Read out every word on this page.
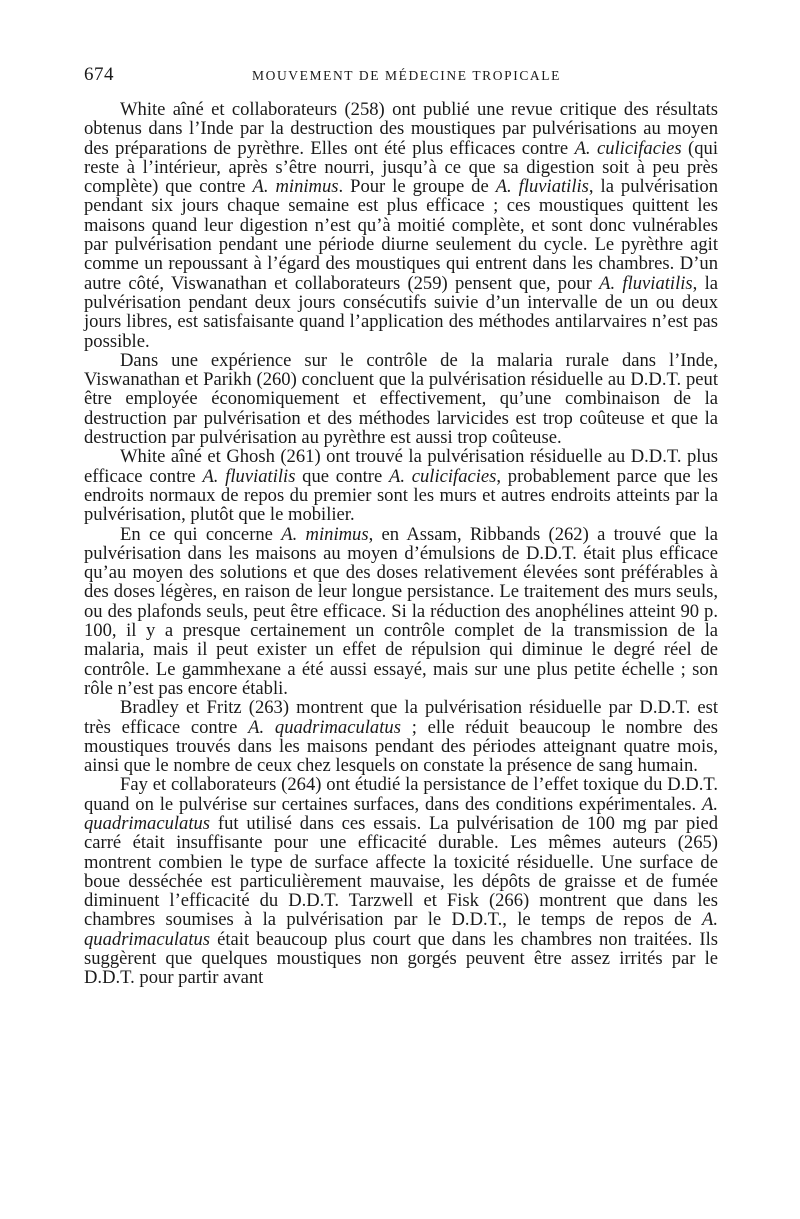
674	MOUVEMENT DE MÉDECINE TROPICALE

White aîné et collaborateurs (258) ont publié une revue critique des résultats obtenus dans l’Inde par la destruction des moustiques par pulvérisations au moyen des préparations de pyrèthre. Elles ont été plus efficaces contre A. culicifacies (qui reste à l’intérieur, après s’être nourri, jusqu’à ce que sa digestion soit à peu près complète) que contre A. minimus. Pour le groupe de A. fluviatilis, la pulvérisation pendant six jours chaque semaine est plus efficace ; ces moustiques quittent les maisons quand leur digestion n’est qu’à moitié complète, et sont donc vulnérables par pulvérisation pendant une période diurne seulement du cycle. Le pyrèthre agit comme un repoussant à l’égard des moustiques qui entrent dans les chambres. D’un autre côté, Viswanathan et collaborateurs (259) pensent que, pour A. fluviatilis, la pulvérisation pendant deux jours consécutifs suivie d’un intervalle de un ou deux jours libres, est satisfaisante quand l’application des méthodes antilarvaires n’est pas possible.

Dans une expérience sur le contrôle de la malaria rurale dans l’Inde, Viswanathan et Parikh (260) concluent que la pulvérisation résiduelle au D.D.T. peut être employée économiquement et effectivement, qu’une combinaison de la destruction par pulvérisation et des méthodes larvicides est trop coûteuse et que la destruction par pulvérisation au pyrèthre est aussi trop coûteuse.

White aîné et Ghosh (261) ont trouvé la pulvérisation résiduelle au D.D.T. plus efficace contre A. fluviatilis que contre A. culicifacies, probablement parce que les endroits normaux de repos du premier sont les murs et autres endroits atteints par la pulvérisation, plutôt que le mobilier.

En ce qui concerne A. minimus, en Assam, Ribbands (262) a trouvé que la pulvérisation dans les maisons au moyen d’émulsions de D.D.T. était plus efficace qu’au moyen des solutions et que des doses relativement élevées sont préférables à des doses légères, en raison de leur longue persistance. Le traitement des murs seuls, ou des plafonds seuls, peut être efficace. Si la réduction des anophélines atteint 90 p. 100, il y a presque certainement un contrôle complet de la transmission de la malaria, mais il peut exister un effet de répulsion qui diminue le degré réel de contrôle. Le gammhexane a été aussi essayé, mais sur une plus petite échelle ; son rôle n’est pas encore établi.

Bradley et Fritz (263) montrent que la pulvérisation résiduelle par D.D.T. est très efficace contre A. quadrimaculatus ; elle réduit beaucoup le nombre des moustiques trouvés dans les maisons pendant des périodes atteignant quatre mois, ainsi que le nombre de ceux chez lesquels on constate la présence de sang humain.

Fay et collaborateurs (264) ont étudié la persistance de l’effet toxique du D.D.T. quand on le pulvérise sur certaines surfaces, dans des conditions expérimentales. A. quadrimaculatus fut utilisé dans ces essais. La pulvérisation de 100 mg par pied carré était insuffisante pour une efficacité durable. Les mêmes auteurs (265) montrent combien le type de surface affecte la toxicité résiduelle. Une surface de boue desséchée est particulièrement mauvaise, les dépôts de graisse et de fumée diminuent l’efficacité du D.D.T. Tarzwell et Fisk (266) montrent que dans les chambres soumises à la pulvérisation par le D.D.T., le temps de repos de A. quadrimaculatus était beaucoup plus court que dans les chambres non traitées. Ils suggèrent que quelques moustiques non gorgés peuvent être assez irrités par le D.D.T. pour partir avant
